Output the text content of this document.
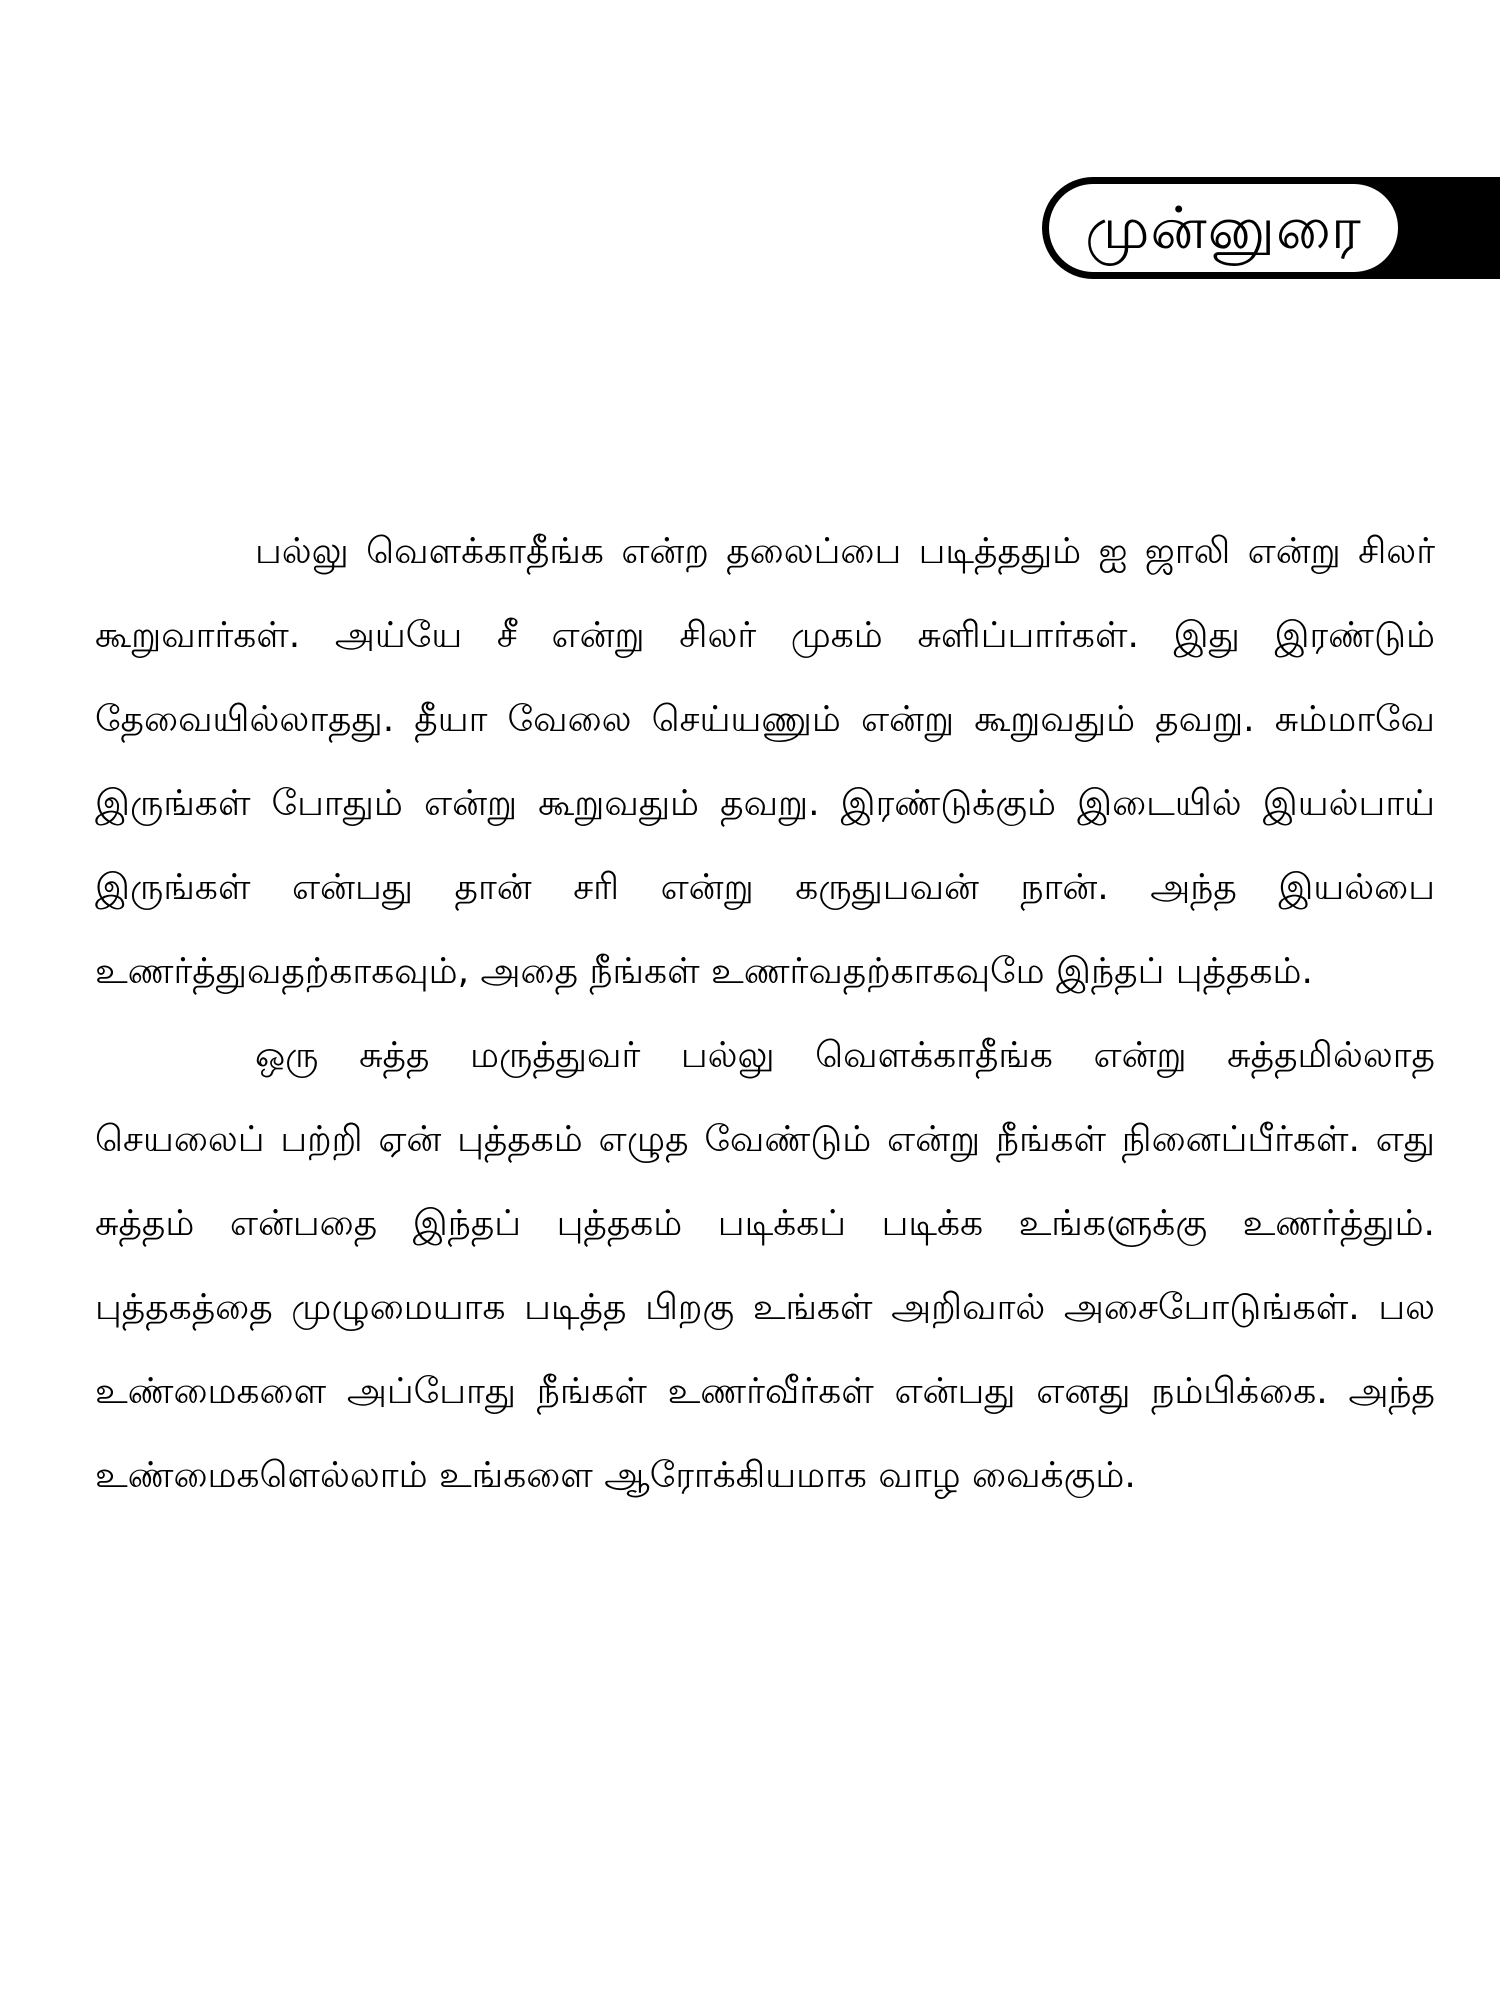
முன்னுரை

பல்லு வெளக்காதீங்க என்ற தலைப்பை படித்ததும் ஐ ஜாலி என்று சிலர் கூறுவார்கள். அய்யே சீ என்று சிலர் முகம் சுளிப்பார்கள். இது இரண்டும் தேவையில்லாதது. தீயா வேலை செய்யணும் என்று கூறுவதும் தவறு. சும்மாவே இருங்கள் போதும் என்று கூறுவதும் தவறு. இரண்டுக்கும் இடையில் இயல்பாய் இருங்கள் என்பது தான் சரி என்று கருதுபவன் நான். அந்த இயல்பை உணர்த்துவதற்காகவும், அதை நீங்கள் உணர்வதற்காகவுமே இந்தப் புத்தகம்.

ஒரு சுத்த மருத்துவர் பல்லு வெளக்காதீங்க என்று சுத்தமில்லாத செயலைப் பற்றி ஏன் புத்தகம் எழுத வேண்டும் என்று நீங்கள் நினைப்பீர்கள். எது சுத்தம் என்பதை இந்தப் புத்தகம் படிக்கப் படிக்க உங்களுக்கு உணர்த்தும். புத்தகத்தை முழுமையாக படித்த பிறகு உங்கள் அறிவால் அசைபோடுங்கள். பல உண்மைகளை அப்போது நீங்கள் உணர்வீர்கள் என்பது எனது நம்பிக்கை. அந்த உண்மைகளெல்லாம் உங்களை ஆரோக்கியமாக வாழ வைக்கும்.
